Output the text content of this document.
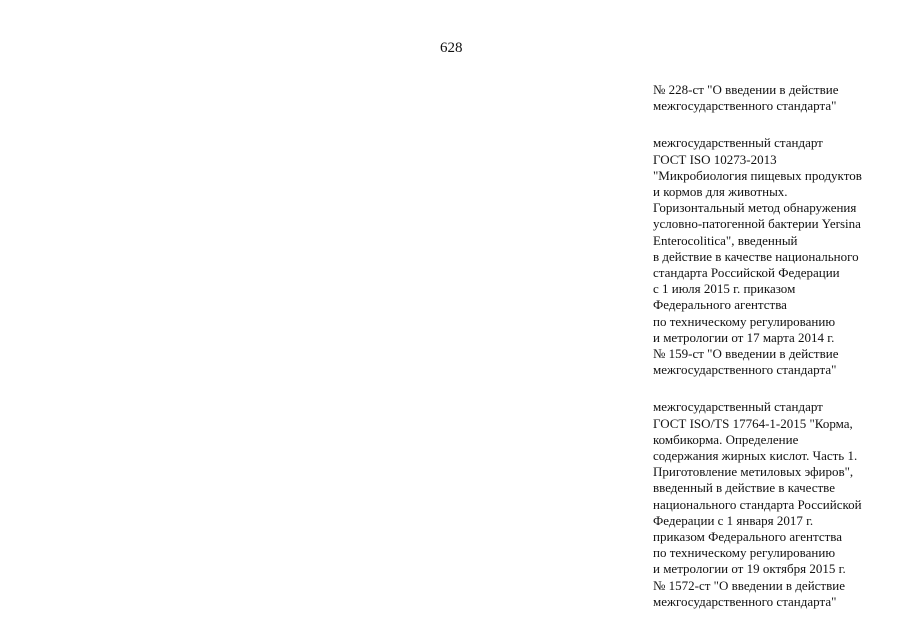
628

№ 228-ст "О введении в действие
межгосударственного стандарта"

межгосударственный стандарт
ГОСТ ISO 10273-2013
"Микробиология пищевых продуктов
и кормов для животных.
Горизонтальный метод обнаружения
условно-патогенной бактерии Yersina
Enterocolitica", введенный
в действие в качестве национального
стандарта Российской Федерации
с 1 июля 2015 г. приказом
Федерального агентства
по техническому регулированию
и метрологии от 17 марта 2014 г.
№ 159-ст "О введении в действие
межгосударственного стандарта"

межгосударственный стандарт
ГОСТ ISO/TS 17764-1-2015 "Корма,
комбикорма. Определение
содержания жирных кислот. Часть 1.
Приготовление метиловых эфиров",
введенный в действие в качестве
национального стандарта Российской
Федерации с 1 января 2017 г.
приказом Федерального агентства
по техническому регулированию
и метрологии от 19 октября 2015 г.
№ 1572-ст "О введении в действие
межгосударственного стандарта"
